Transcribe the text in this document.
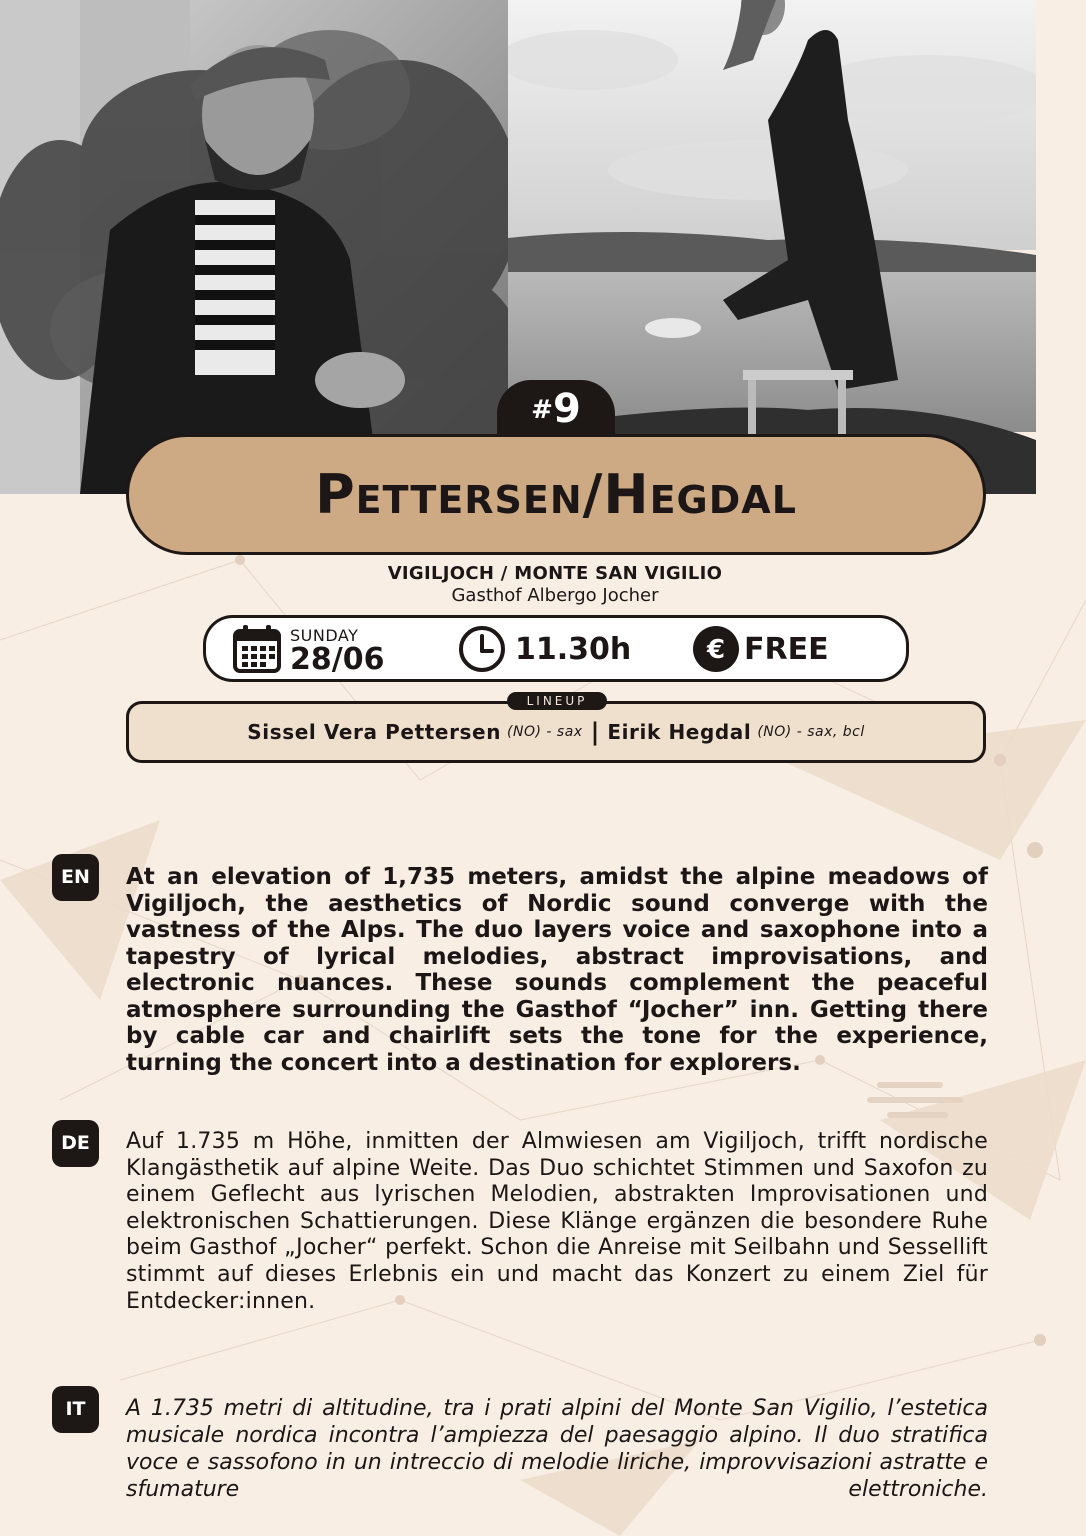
#9
Pettersen/Hegdal
VIGILJOCH / MONTE SAN VIGILIO
Gasthof Albergo Jocher
SUNDAY
28/06	11.30h	€ FREE
LINEUP
Sissel Vera Pettersen (NO) - sax | Eirik Hegdal (NO) - sax, bcl
EN	At an elevation of 1,735 meters, amidst the alpine meadows of Vigiljoch, the aesthetics of Nordic sound converge with the vastness of the Alps. The duo layers voice and saxophone into a tapestry of lyrical melodies, abstract improvisations, and electronic nuances. These sounds complement the peaceful atmosphere surrounding the Gasthof “Jocher” inn. Getting there by cable car and chairlift sets the tone for the experience, turning the concert into a destination for explorers.

DE	Auf 1.735 m Höhe, inmitten der Almwiesen am Vigiljoch, trifft nordische Klangästhetik auf alpine Weite. Das Duo schichtet Stimmen und Saxofon zu einem Geflecht aus lyrischen Melodien, abstrakten Improvisationen und elektronischen Schattierungen. Diese Klänge ergänzen die besondere Ruhe beim Gasthof „Jocher“ perfekt. Schon die Anreise mit Seilbahn und Sessellift stimmt auf dieses Erlebnis ein und macht das Konzert zu einem Ziel für Entdecker:innen.

IT	A 1.735 metri di altitudine, tra i prati alpini del Monte San Vigilio, l’estetica musicale nordica incontra l’ampiezza del paesaggio alpino. Il duo stratifica voce e sassofono in un intreccio di melodie liriche, improvvisazioni astratte e sfumature elettroniche.
